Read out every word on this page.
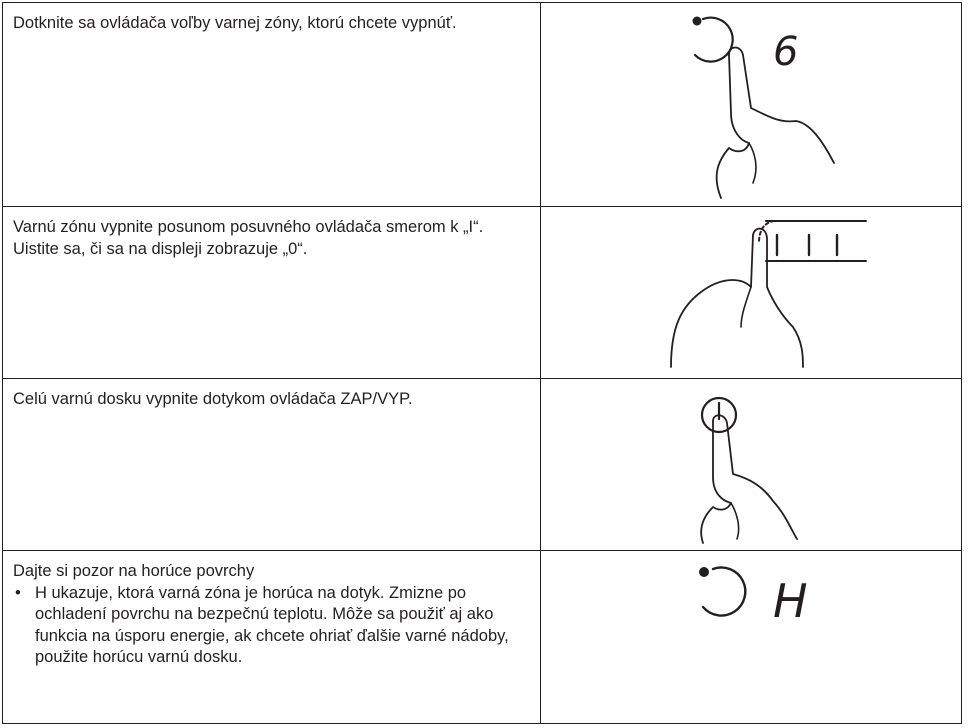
Dotknite sa ovládača voľby varnej zóny, ktorú chcete vypnúť.	6

Varnú zónu vypnite posunom posuvného ovládača smerom k „I“. Uistite sa, či sa na displeji zobrazuje „0“.

Celú varnú dosku vypnite dotykom ovládača ZAP/VYP.

Dajte si pozor na horúce povrchy

• H ukazuje, ktorá varná zóna je horúca na dotyk. Zmizne po ochladení povrchu na bezpečnú teplotu. Môže sa použiť aj ako funkcia na úsporu energie, ak chcete ohriať ďalšie varné nádoby, použite horúcu varnú dosku.	H
